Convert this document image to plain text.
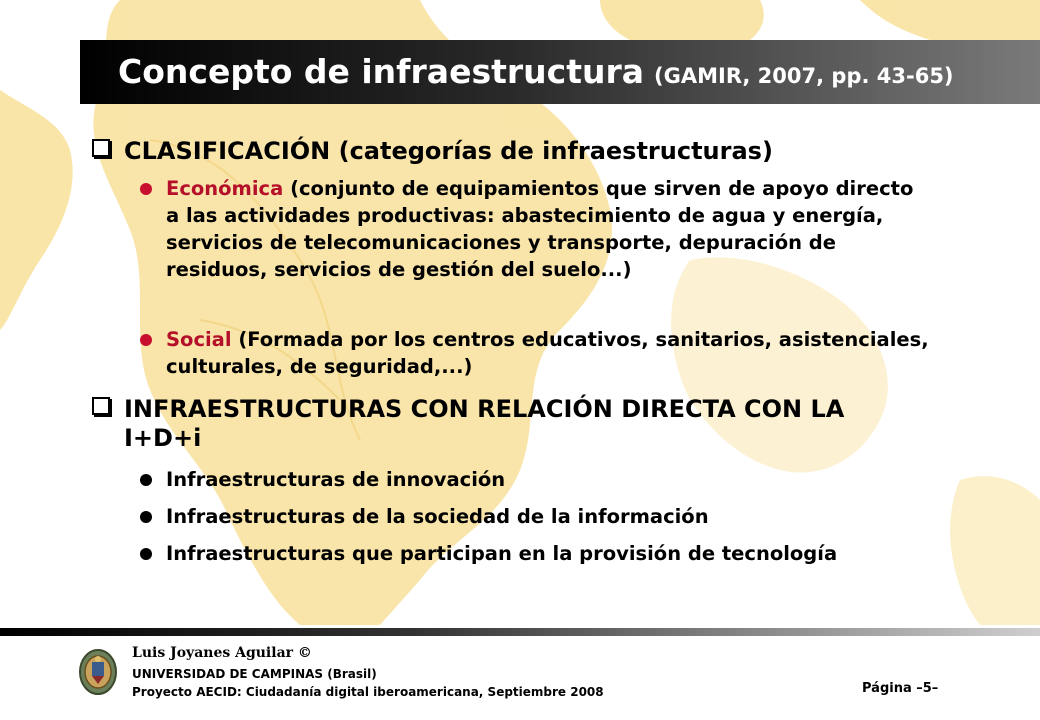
Concepto de infraestructura (GAMIR, 2007, pp. 43-65)
CLASIFICACIÓN (categorías de infraestructuras)
Económica (conjunto de equipamientos que sirven de apoyo directo a las actividades productivas: abastecimiento de agua y energía, servicios de telecomunicaciones y transporte, depuración de residuos, servicios de gestión del suelo...)
Social (Formada por los centros educativos, sanitarios, asistenciales, culturales, de seguridad,...)
INFRAESTRUCTURAS CON RELACIÓN DIRECTA CON LA I+D+i
Infraestructuras de innovación
Infraestructuras de la sociedad de la información
Infraestructuras que participan en la provisión de tecnología
Luis Joyanes Aguilar ©
UNIVERSIDAD DE CAMPINAS (Brasil)
Proyecto AECID: Ciudadanía digital iberoamericana, Septiembre 2008	Página –5–
